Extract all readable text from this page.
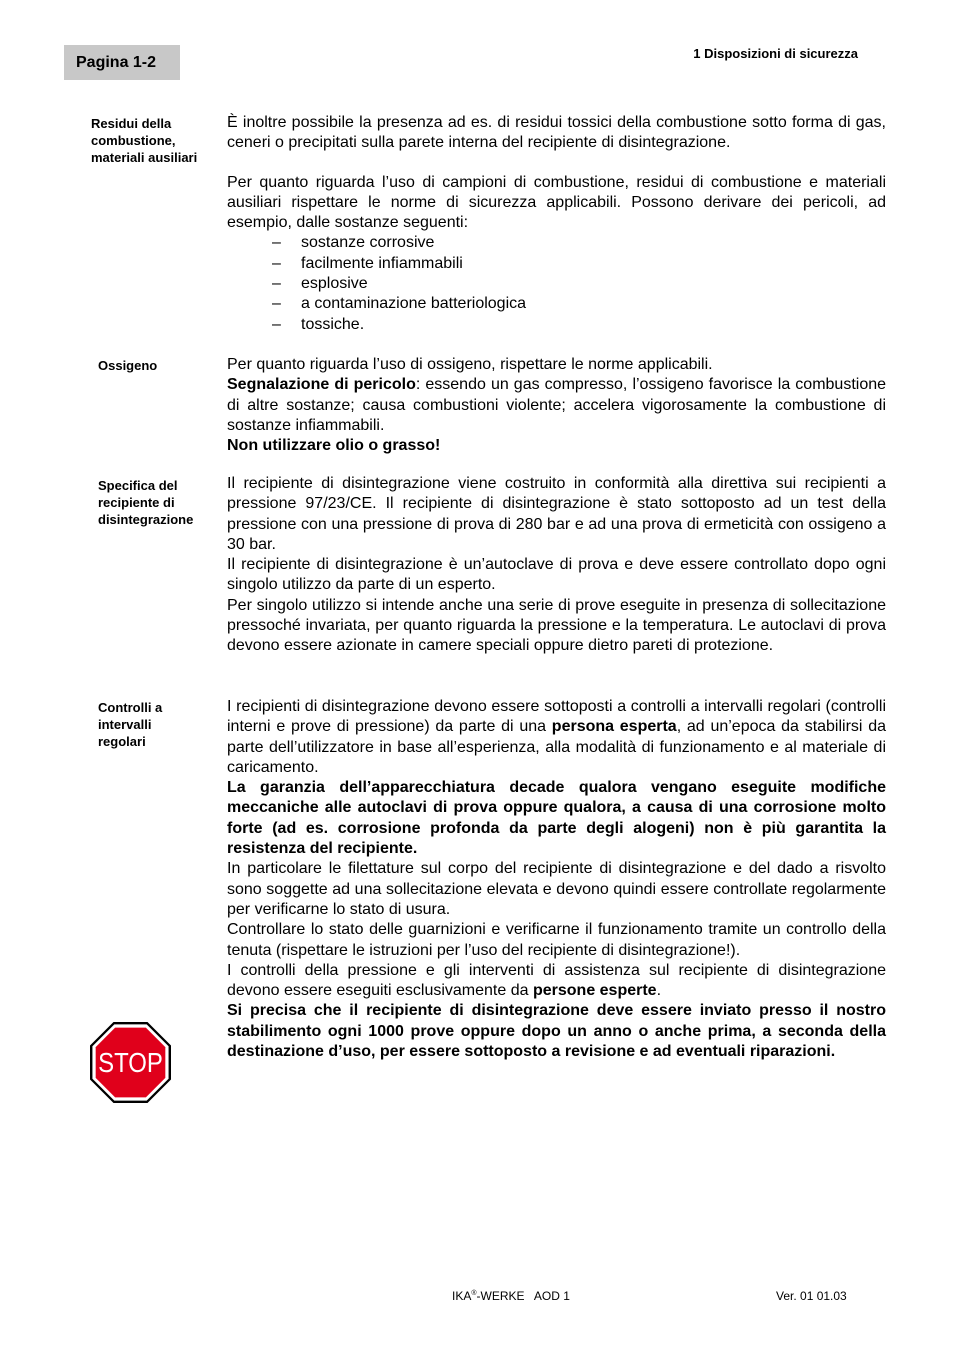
Pagina 1-2	1 Disposizioni di sicurezza
Residui della combustione, materiali ausiliari

È inoltre possibile la presenza ad es. di residui tossici della combustione sotto forma di gas, ceneri o precipitati sulla parete interna del recipiente di disintegrazione.

Per quanto riguarda l’uso di campioni di combustione, residui di combustione e materiali ausiliari rispettare le norme di sicurezza applicabili. Possono derivare dei pericoli, ad esempio, dalle sostanze seguenti:

– sostanze corrosive
– facilmente infiammabili
– esplosive
– a contaminazione batteriologica
– tossiche.
Ossigeno	Per quanto riguarda l’uso di ossigeno, rispettare le norme applicabili.

Segnalazione di pericolo: essendo un gas compresso, l’ossigeno favorisce la combustione di altre sostanze; causa combustioni violente; accelera vigorosamente la combustione di sostanze infiammabili.

Non utilizzare olio o grasso!

Specifica del recipiente di disintegrazione

Il recipiente di disintegrazione viene costruito in conformità alla direttiva sui recipienti a pressione 97/23/CE. Il recipiente di disintegrazione è stato sottoposto ad un test della pressione con una pressione di prova di 280 bar e ad una prova di ermeticità con ossigeno a 30 bar.

Il recipiente di disintegrazione è un’autoclave di prova e deve essere controllato dopo ogni singolo utilizzo da parte di un esperto.

Per singolo utilizzo si intende anche una serie di prove eseguite in presenza di sollecitazione pressoché invariata, per quanto riguarda la pressione e la temperatura. Le autoclavi di prova devono essere azionate in camere speciali oppure dietro pareti di protezione.

Controlli a intervalli regolari

I recipienti di disintegrazione devono essere sottoposti a controlli a intervalli regolari (controlli interni e prove di pressione) da parte di una persona esperta, ad un’epoca da stabilirsi da parte dell’utilizzatore in base all’esperienza, alla modalità di funzionamento e al materiale di caricamento.

La garanzia dell’apparecchiatura decade qualora vengano eseguite modifiche meccaniche alle autoclavi di prova oppure qualora, a causa di una corrosione molto forte (ad es. corrosione profonda da parte degli alogeni) non è più garantita la resistenza del recipiente.

In particolare le filettature sul corpo del recipiente di disintegrazione e del dado a risvolto sono soggette ad una sollecitazione elevata e devono quindi essere controllate regolarmente per verificarne lo stato di usura.

Controllare lo stato delle guarnizioni e verificarne il funzionamento tramite un controllo della tenuta (rispettare le istruzioni per l’uso del recipiente di disintegrazione!).

I controlli della pressione e gli interventi di assistenza sul recipiente di disintegrazione devono essere eseguiti esclusivamente da persone esperte.

Si precisa che il recipiente di disintegrazione deve essere inviato presso il nostro stabilimento ogni 1000 prove oppure dopo un anno o anche prima, a seconda della destinazione d’uso, per essere sottoposto a revisione e ad eventuali riparazioni.

STOP
IKA®-WERKE   AOD 1	Ver. 01 01.03
